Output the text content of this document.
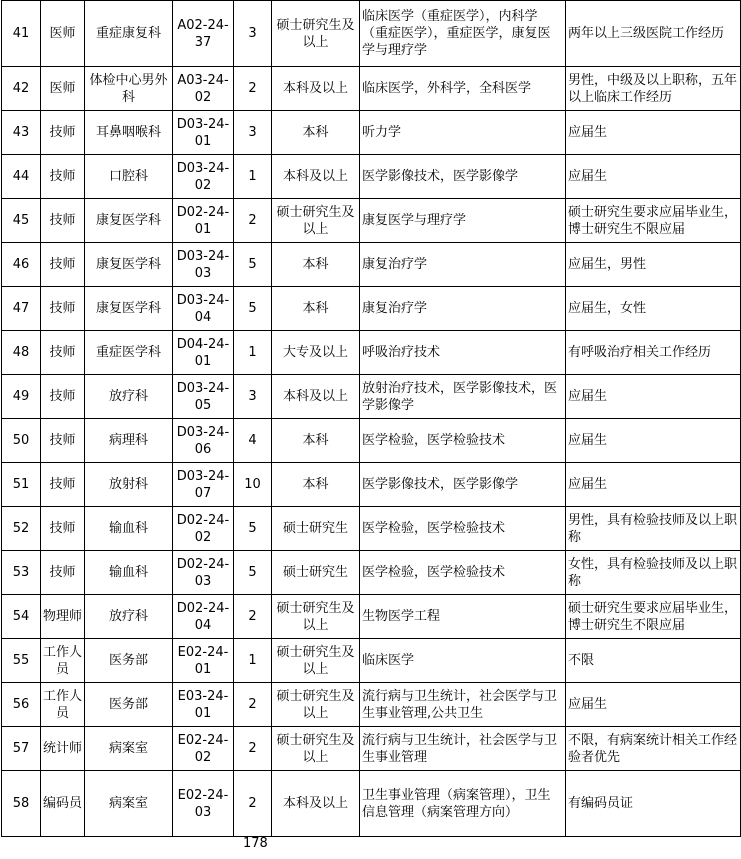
41	医师	重症康复科	A02-24-37	3	硕士研究生及以上	临床医学（重症医学），内科学（重症医学），重症医学，康复医学与理疗学	两年以上三级医院工作经历
42	医师	体检中心男外科	A03-24-02	2	本科及以上	临床医学，外科学，全科医学	男性，中级及以上职称，五年以上临床工作经历
43	技师	耳鼻咽喉科	D03-24-01	3	本科	听力学	应届生
44	技师	口腔科	D03-24-02	1	本科及以上	医学影像技术，医学影像学	应届生
45	技师	康复医学科	D02-24-01	2	硕士研究生及以上	康复医学与理疗学	硕士研究生要求应届毕业生，博士研究生不限应届
46	技师	康复医学科	D03-24-03	5	本科	康复治疗学	应届生，男性
47	技师	康复医学科	D03-24-04	5	本科	康复治疗学	应届生，女性
48	技师	重症医学科	D04-24-01	1	大专及以上	呼吸治疗技术	有呼吸治疗相关工作经历
49	技师	放疗科	D03-24-05	3	本科及以上	放射治疗技术，医学影像技术，医学影像学	应届生
50	技师	病理科	D03-24-06	4	本科	医学检验，医学检验技术	应届生
51	技师	放射科	D03-24-07	10	本科	医学影像技术，医学影像学	应届生
52	技师	输血科	D02-24-02	5	硕士研究生	医学检验，医学检验技术	男性，具有检验技师及以上职称
53	技师	输血科	D02-24-03	5	硕士研究生	医学检验，医学检验技术	女性，具有检验技师及以上职称
54	物理师	放疗科	D02-24-04	2	硕士研究生及以上	生物医学工程	硕士研究生要求应届毕业生，博士研究生不限应届
55	工作人员	医务部	E02-24-01	1	硕士研究生及以上	临床医学	不限
56	工作人员	医务部	E03-24-01	2	硕士研究生及以上	流行病与卫生统计，社会医学与卫生事业管理,公共卫生	应届生
57	统计师	病案室	E02-24-02	2	硕士研究生及以上	流行病与卫生统计，社会医学与卫生事业管理	不限，有病案统计相关工作经验者优先
58	编码员	病案室	E02-24-03	2	本科及以上	卫生事业管理（病案管理），卫生信息管理（病案管理方向）	有编码员证
178
